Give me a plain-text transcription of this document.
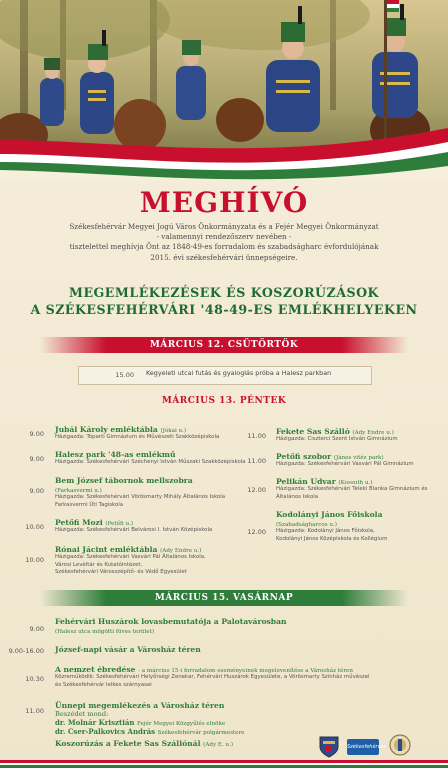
MEGHÍVÓ
Székesfehérvár Megyei Jogú Város Önkormányzata és a Fejér Megyei Önkormányzat
- valamennyi rendezőszerv nevében -
tisztelettel meghívja Önt az 1848-49-es forradalom és szabadságharc évfordulójának
2015. évi székesfehérvári ünnepségeire.
MEGEMLÉKEZÉSEK ÉS KOSZORÚZÁSOK
A SZÉKESFEHÉRVÁRI '48-49-ES EMLÉKHELYEKEN
MÁRCIUS 12. CSÜTÖRTÖK
15.00 Kegyeleti utcai futás és gyaloglás próba a Halesz parkban
MÁRCIUS 13. PÉNTEK
9.00 Jubál Károly emléktábla (Jókai u.)
Házigazda: Tóparti Gimnázium és Művészeti Szakközépiskola
9.00 Halesz park '48-as emlékmű
Házigazda: Székesfehérvári Széchenyi István Műszaki Szakközépiskola
9.00
Bem József tábornok mellszobra
(Farkasvermi u.)
Házigazda: Székesfehérvári Vörösmarty Mihály Általános Iskola
Farkasvermi Úti Tagiskola
10.00 Petőfi Mozi (Petőfi u.)
Házigazda: Székesfehérvári Belvárosi I. István Középiskola
10.00
Rónai Jácint emléktábla (Ady Endre u.)
Házigazda: Székesfehérvári Vasvári Pál Általános Iskola,
Városi Levéltár és Kutatóintézet,
Székesfehérvári Városszépítő- és Védő Egyesület
11.00 Fekete Sas Szálló (Ady Endre u.)
Házigazda: Ciszterci Szent István Gimnázium
11.00 Petőfi szobor (János vitéz park)
Házigazda: Székesfehérvári Vasvári Pál Gimnázium
12.00
Pelikán Udvar (Kossuth u.)
Házigazda: Székesfehérvári Teleki Blanka Gimnázium és
Általános Iskola
12.00
Kodolányi János Főiskola
(Szabadságharcos u.)
Házigazda: Kodolányi János Főiskola,
Kodolányi János Középiskola és Kollégium
MÁRCIUS 15. VASÁRNAP
9.00
Fehérvári Huszárok lovasbemutatója a Palotavárosban
(Halesz utca mögötti füves terület)
9.00-16.00 József-napi vásár a Városház téren
10.30
A nemzet ébredése - a március 15-i forradalom eseményeinek megelevenítése a Városház téren
Közreműködik: Székesfehérvári Helyőrségi Zenekar, Fehérvári Huszárok Egyesülete, a Vörösmarty Színház művészei
és Székesfehérvár lelkes szárnyasai
11.00
Ünnepi megemlékezés a Városház téren
Beszédet mond:
dr. Molnár Krisztián Fejér Megyei Közgyűlés elnöke
dr. Cser-Palkovics András Székesfehérvár polgármestere
Koszorúzás a Fekete Sas Szállónál (Ady E. u.)	Székesfehérvár
